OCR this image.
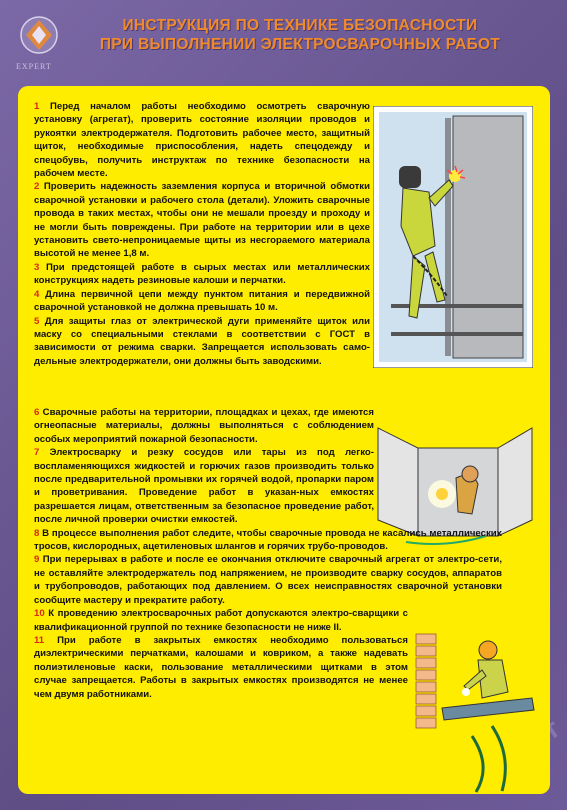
EXPERT
ИНСТРУКЦИЯ ПО ТЕХНИКЕ БЕЗОПАСНОСТИ
ПРИ ВЫПОЛНЕНИИ ЭЛЕКТРОСВАРОЧНЫХ РАБОТ

1 Перед началом работы необходимо осмотреть сварочную установку (агрегат), проверить состояние изоляции проводов и рукоятки электродержателя. Подготовить рабочее место, защитный щиток, необходимые приспособления, надеть спецодежду и спецобувь, получить инструктаж по технике безопасности на рабочем месте.

2 Проверить надежность заземления корпуса и вторичной обмотки сварочной установки и рабочего стола (детали). Уложить сварочные провода в таких местах, чтобы они не мешали проезду и проходу и не могли быть повреждены. При работе на территории или в цехе установить свето-непроницаемые щиты из несгораемого материала высотой не менее 1,8 м.

3 При предстоящей работе в сырых местах или металлических конструкциях надеть резиновые калоши и перчатки.

4 Длина первичной цепи между пунктом питания и передвижной сварочной установкой не должна превышать 10 м.

5 Для защиты глаз от электрической дуги применяйте щиток или маску со специальными стеклами в соответствии с ГОСТ в зависимости от режима сварки. Запрещается использовать само-дельные электродержатели, они должны быть заводскими.

6 Сварочные работы на территории, площадках и цехах, где имеются огнеопасные материалы, должны выполняться с соблюдением особых мероприятий пожарной безопасности.

7 Электросварку и резку сосудов или тары из под легко-воспламеняющихся жидкостей и горючих газов производить только после предварительной промывки их горячей водой, пропарки паром и проветривания. Проведение работ в указан-ных емкостях разрешается лицам, ответственным за безопасное проведение работ, после личной проверки очистки емкостей.

8 В процессе выполнения работ следите, чтобы сварочные провода не касались металлических тросов, кислородных, ацетиленовых шлангов и горячих трубо-проводов.

9 При перерывах в работе и после ее окончания отключите сварочный агрегат от электро-сети, не оставляйте электродержатель под напряжением, не производите сварку сосудов, аппаратов и трубопроводов, работающих под давлением. О всех неисправностях сварочной установки сообщите мастеру и прекратите работу.

10 К проведению электросварочных работ допускаются электро-сварщики с квалификационной группой по технике безопасности не ниже II.

11 При работе в закрытых емкостях необходимо пользоваться диэлектрическими перчатками, калошами и ковриком, а также надевать полиэтиленовые каски, пользование металлическими щитками в этом случае запрещается. Работы в закрытых емкостях производятся не менее чем двумя работниками.
